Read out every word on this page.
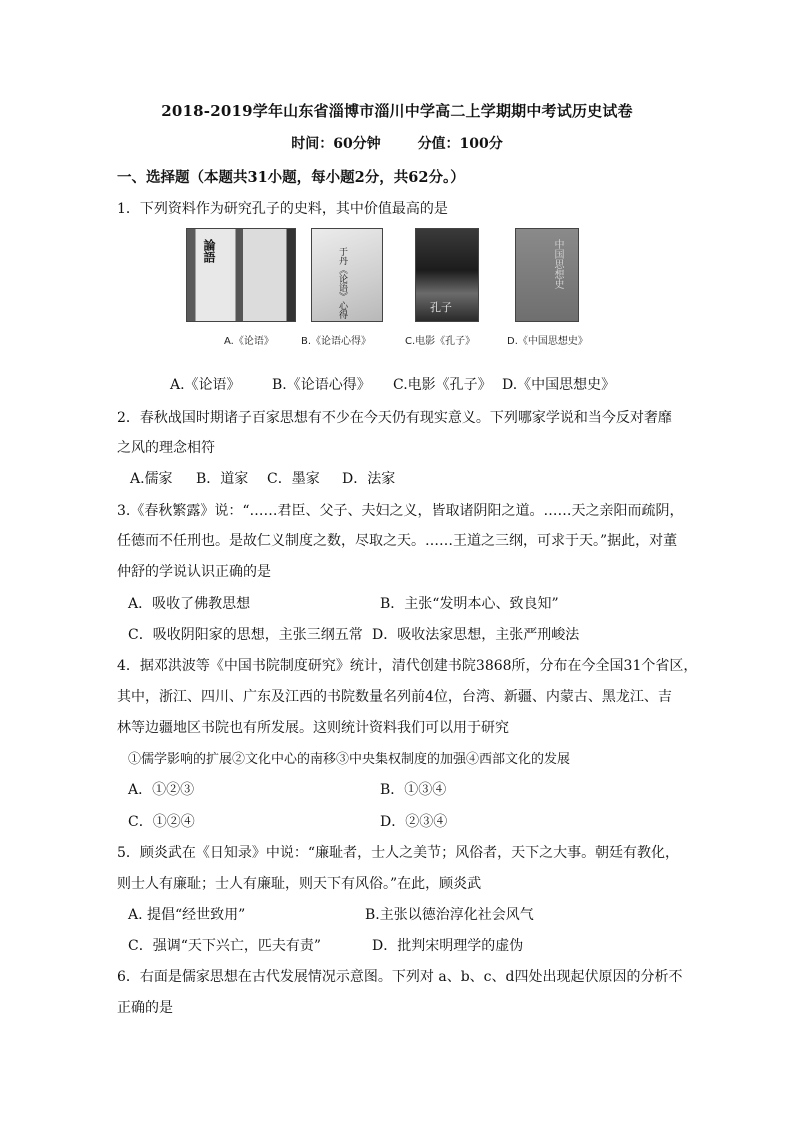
2018-2019学年山东省淄博市淄川中学高二上学期期中考试历史试卷
时间：60分钟	分值：100分
一、选择题（本题共31小题，每小题2分，共62分。）
1．下列资料作为研究孔子的史料，其中价值最高的是
論語
A.《论语》
于丹《论语》心得
B.《论语心得》
孔子
C.电影《孔子》
中国思想史
D.《中国思想史》
A.《论语》 B.《论语心得》 C.电影《孔子》 D.《中国思想史》
2．春秋战国时期诸子百家思想有不少在今天仍有现实意义。下列哪家学说和当今反对奢靡
之风的理念相符
A.儒家 B．道家 C．墨家 D．法家
3.《春秋繁露》说：“……君臣、父子、夫妇之义，皆取诸阴阳之道。……天之亲阳而疏阴，
任德而不任刑也。是故仁义制度之数，尽取之天。……王道之三纲，可求于天。”据此，对董
仲舒的学说认识正确的是
A．吸收了佛教思想	B．主张“发明本心、致良知”
C．吸收阴阳家的思想，主张三纲五常 D．吸收法家思想，主张严刑峻法
4．据邓洪波等《中国书院制度研究》统计，清代创建书院3868所，分布在今全国31个省区，
其中，浙江、四川、广东及江西的书院数量名列前4位，台湾、新疆、内蒙古、黑龙江、吉
林等边疆地区书院也有所发展。这则统计资料我们可以用于研究
①儒学影响的扩展②文化中心的南移③中央集权制度的加强④西部文化的发展
A．①②③	B．①③④
C．①②④	D．②③④
5．顾炎武在《日知录》中说：“廉耻者，士人之美节；风俗者，天下之大事。朝廷有教化，
则士人有廉耻；士人有廉耻，则天下有风俗。”在此，顾炎武
A. 提倡“经世致用”	B.主张以德治淳化社会风气
C．强调“天下兴亡，匹夫有责”	D．批判宋明理学的虚伪
6．右面是儒家思想在古代发展情况示意图。下列对 a、b、c、d四处出现起伏原因的分析不
正确的是
